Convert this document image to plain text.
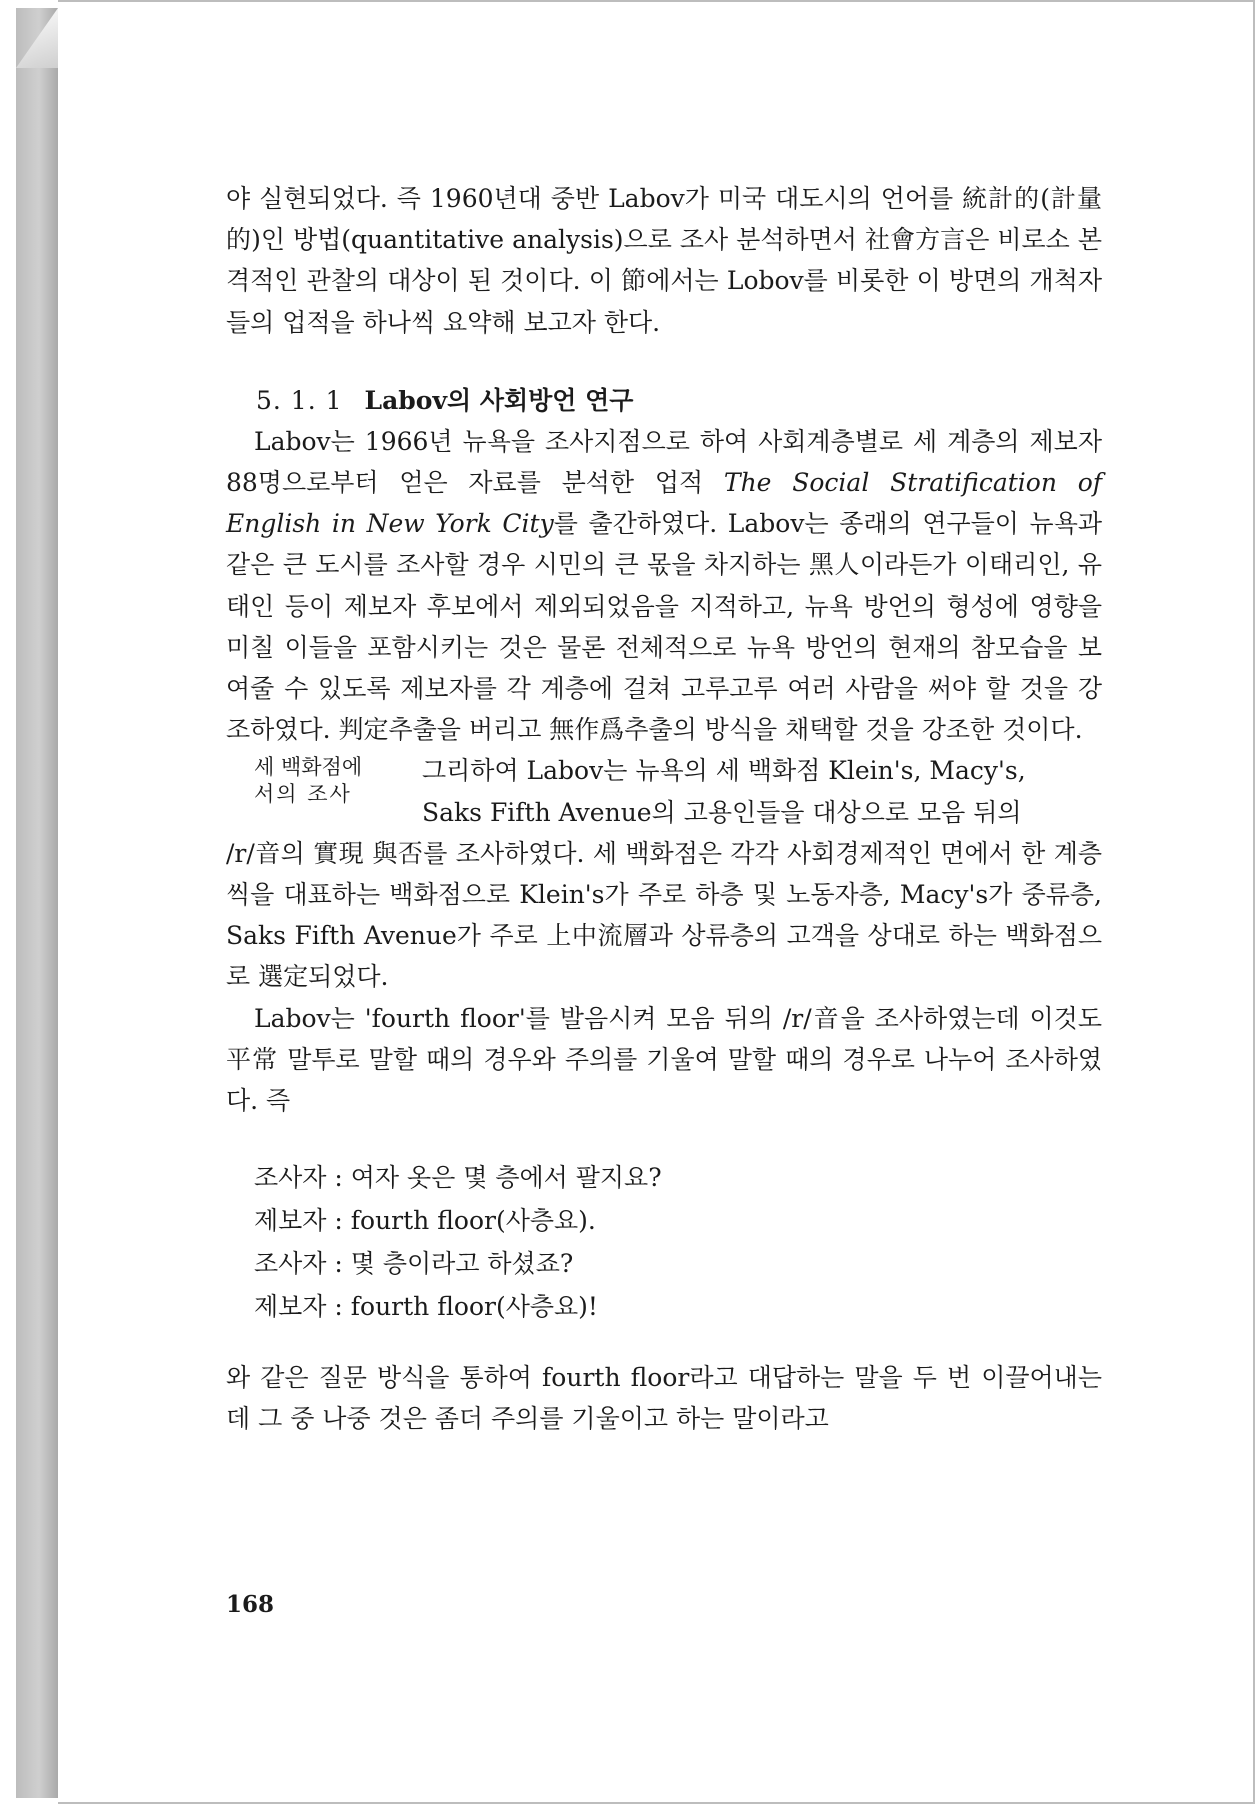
야 실현되었다. 즉 1960년대 중반 Labov가 미국 대도시의 언어를 統計的(計量的)인 방법(quantitative analysis)으로 조사 분석하면서 社會方言은 비로소 본격적인 관찰의 대상이 된 것이다. 이 節에서는 Lobov를 비롯한 이 방면의 개척자들의 업적을 하나씩 요약해 보고자 한다.

5. 1. 1 Labov의 사회방언 연구

Labov는 1966년 뉴욕을 조사지점으로 하여 사회계층별로 세 계층의 제보자 88명으로부터 얻은 자료를 분석한 업적 The Social Stratification of English in New York City를 출간하였다. Labov는 종래의 연구들이 뉴욕과 같은 큰 도시를 조사할 경우 시민의 큰 몫을 차지하는 黑人이라든가 이태리인, 유태인 등이 제보자 후보에서 제외되었음을 지적하고, 뉴욕 방언의 형성에 영향을 미칠 이들을 포함시키는 것은 물론 전체적으로 뉴욕 방언의 현재의 참모습을 보여줄 수 있도록 제보자를 각 계층에 걸쳐 고루고루 여러 사람을 써야 할 것을 강조하였다. 判定추출을 버리고 無作爲추출의 방식을 채택할 것을 강조한 것이다.

세 백화점에
서의 조사
그리하여 Labov는 뉴욕의 세 백화점 Klein's, Macy's,
Saks Fifth Avenue의 고용인들을 대상으로 모음 뒤의

/r/音의 實現 與否를 조사하였다. 세 백화점은 각각 사회경제적인 면에서 한 계층씩을 대표하는 백화점으로 Klein's가 주로 하층 및 노동자층, Macy's가 중류층, Saks Fifth Avenue가 주로 上中流層과 상류층의 고객을 상대로 하는 백화점으로 選定되었다.

Labov는 'fourth floor'를 발음시켜 모음 뒤의 /r/音을 조사하였는데 이것도 平常 말투로 말할 때의 경우와 주의를 기울여 말할 때의 경우로 나누어 조사하였다. 즉

조사자 : 여자 옷은 몇 층에서 팔지요?
제보자 : fourth floor(사층요).
조사자 : 몇 층이라고 하셨죠?
제보자 : fourth floor(사층요)!

와 같은 질문 방식을 통하여 fourth floor라고 대답하는 말을 두 번 이끌어내는데 그 중 나중 것은 좀더 주의를 기울이고 하는 말이라고

168
